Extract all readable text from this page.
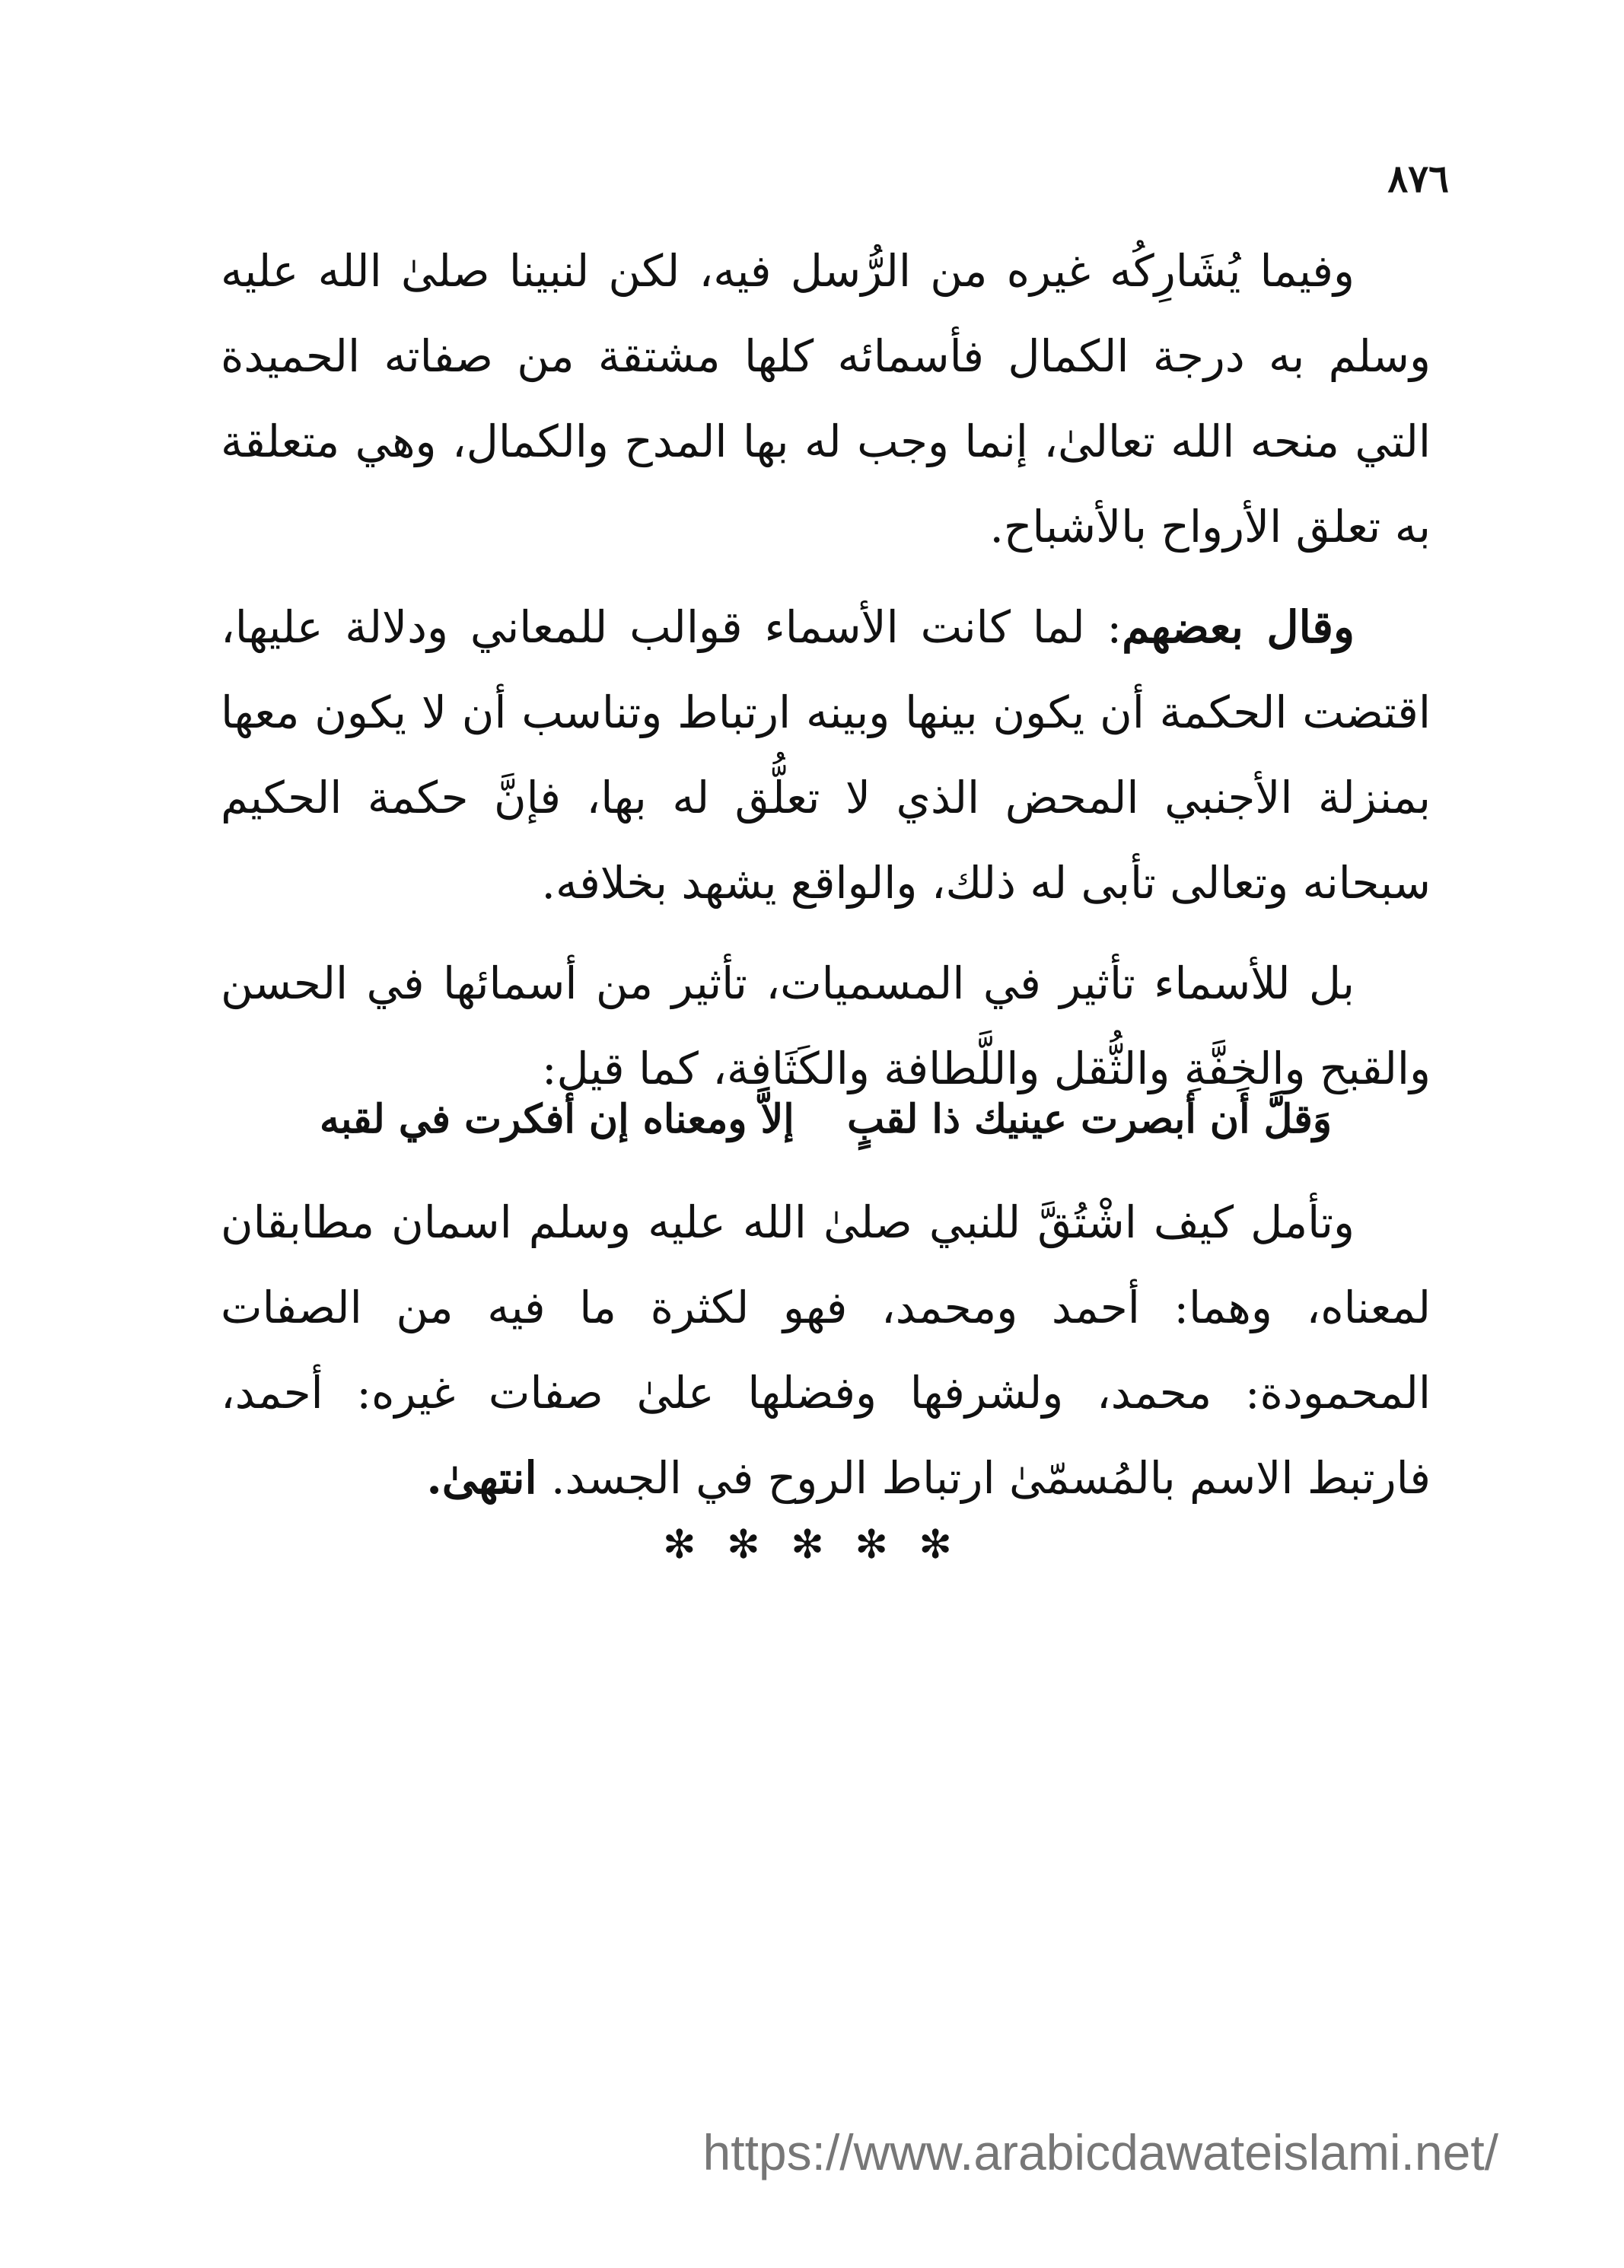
٨٧٦

وفيما يُشَارِكُه غيره من الرُّسل فيه، لكن لنبينا صلىٰ الله عليه وسلم به درجة الكمال فأسمائه كلها مشتقة من صفاته الحميدة التي منحه الله تعالىٰ، إنما وجب له بها المدح والكمال، وهي متعلقة به تعلق الأرواح بالأشباح.

وقال بعضهم: لما كانت الأسماء قوالب للمعاني ودلالة عليها، اقتضت الحكمة أن يكون بينها وبينه ارتباط وتناسب أن لا يكون معها بمنزلة الأجنبي المحض الذي لا تعلُّق له بها، فإنَّ حكمة الحكيم سبحانه وتعالى تأبى له ذلك، والواقع يشهد بخلافه.

بل للأسماء تأثير في المسميات، تأثير من أسمائها في الحسن والقبح والخِفَّةِ والثُّقل واللَّطافة والكَثَافة، كما قيل:

وَقلَّ أن أبصرت عينيك ذا لقبٍ
إلاَّ ومعناه إن أفكرت في لقبه

وتأمل كيف اشْتُقَّ للنبي صلىٰ الله عليه وسلم اسمان مطابقان لمعناه، وهما: أحمد ومحمد، فهو لكثرة ما فيه من الصفات المحمودة: محمد، ولشرفها وفضلها علىٰ صفات غيره: أحمد، فارتبط الاسم بالمُسمّىٰ ارتباط الروح في الجسد. انتهىٰ.

✻ ✻ ✻ ✻ ✻
https://www.arabicdawateislami.net/
